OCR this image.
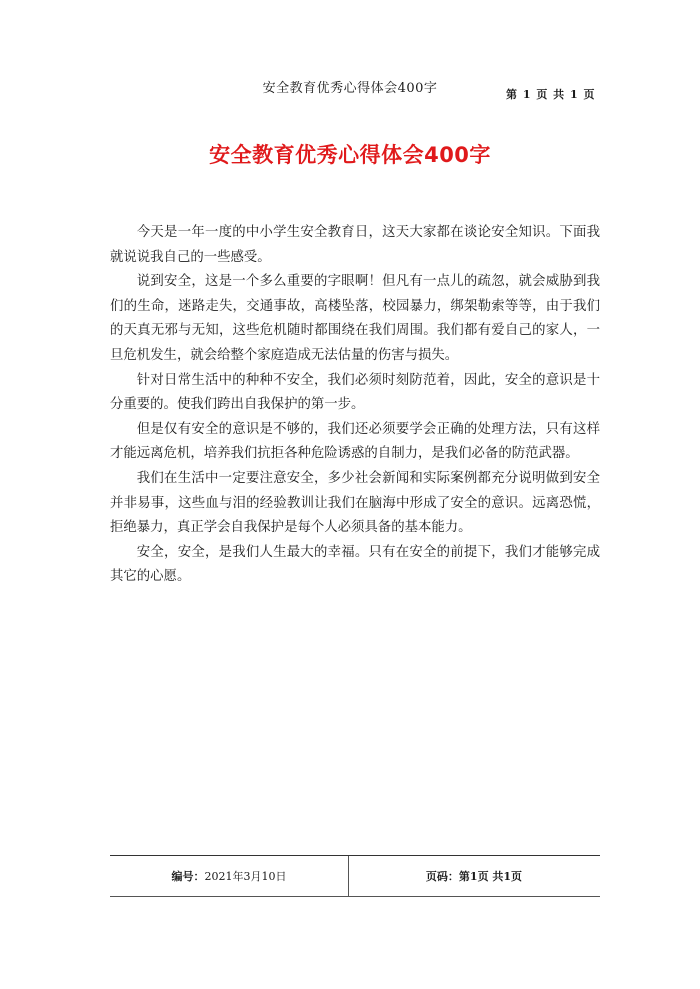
安全教育优秀心得体会400字	第 1 页 共 1 页
安全教育优秀心得体会400字

今天是一年一度的中小学生安全教育日，这天大家都在谈论安全知识。下面我就说说我自己的一些感受。

说到安全，这是一个多么重要的字眼啊！但凡有一点儿的疏忽，就会威胁到我们的生命，迷路走失，交通事故，高楼坠落，校园暴力，绑架勒索等等，由于我们的天真无邪与无知，这些危机随时都围绕在我们周围。我们都有爱自己的家人，一旦危机发生，就会给整个家庭造成无法估量的伤害与损失。

针对日常生活中的种种不安全，我们必须时刻防范着，因此，安全的意识是十分重要的。使我们跨出自我保护的第一步。

但是仅有安全的意识是不够的，我们还必须要学会正确的处理方法，只有这样才能远离危机，培养我们抗拒各种危险诱惑的自制力，是我们必备的防范武器。

我们在生活中一定要注意安全，多少社会新闻和实际案例都充分说明做到安全并非易事，这些血与泪的经验教训让我们在脑海中形成了安全的意识。远离恐慌，拒绝暴力，真正学会自我保护是每个人必须具备的基本能力。

安全，安全，是我们人生最大的幸福。只有在安全的前提下，我们才能够完成其它的心愿。

编号：2021年3月10日	页码：第1页 共1页
